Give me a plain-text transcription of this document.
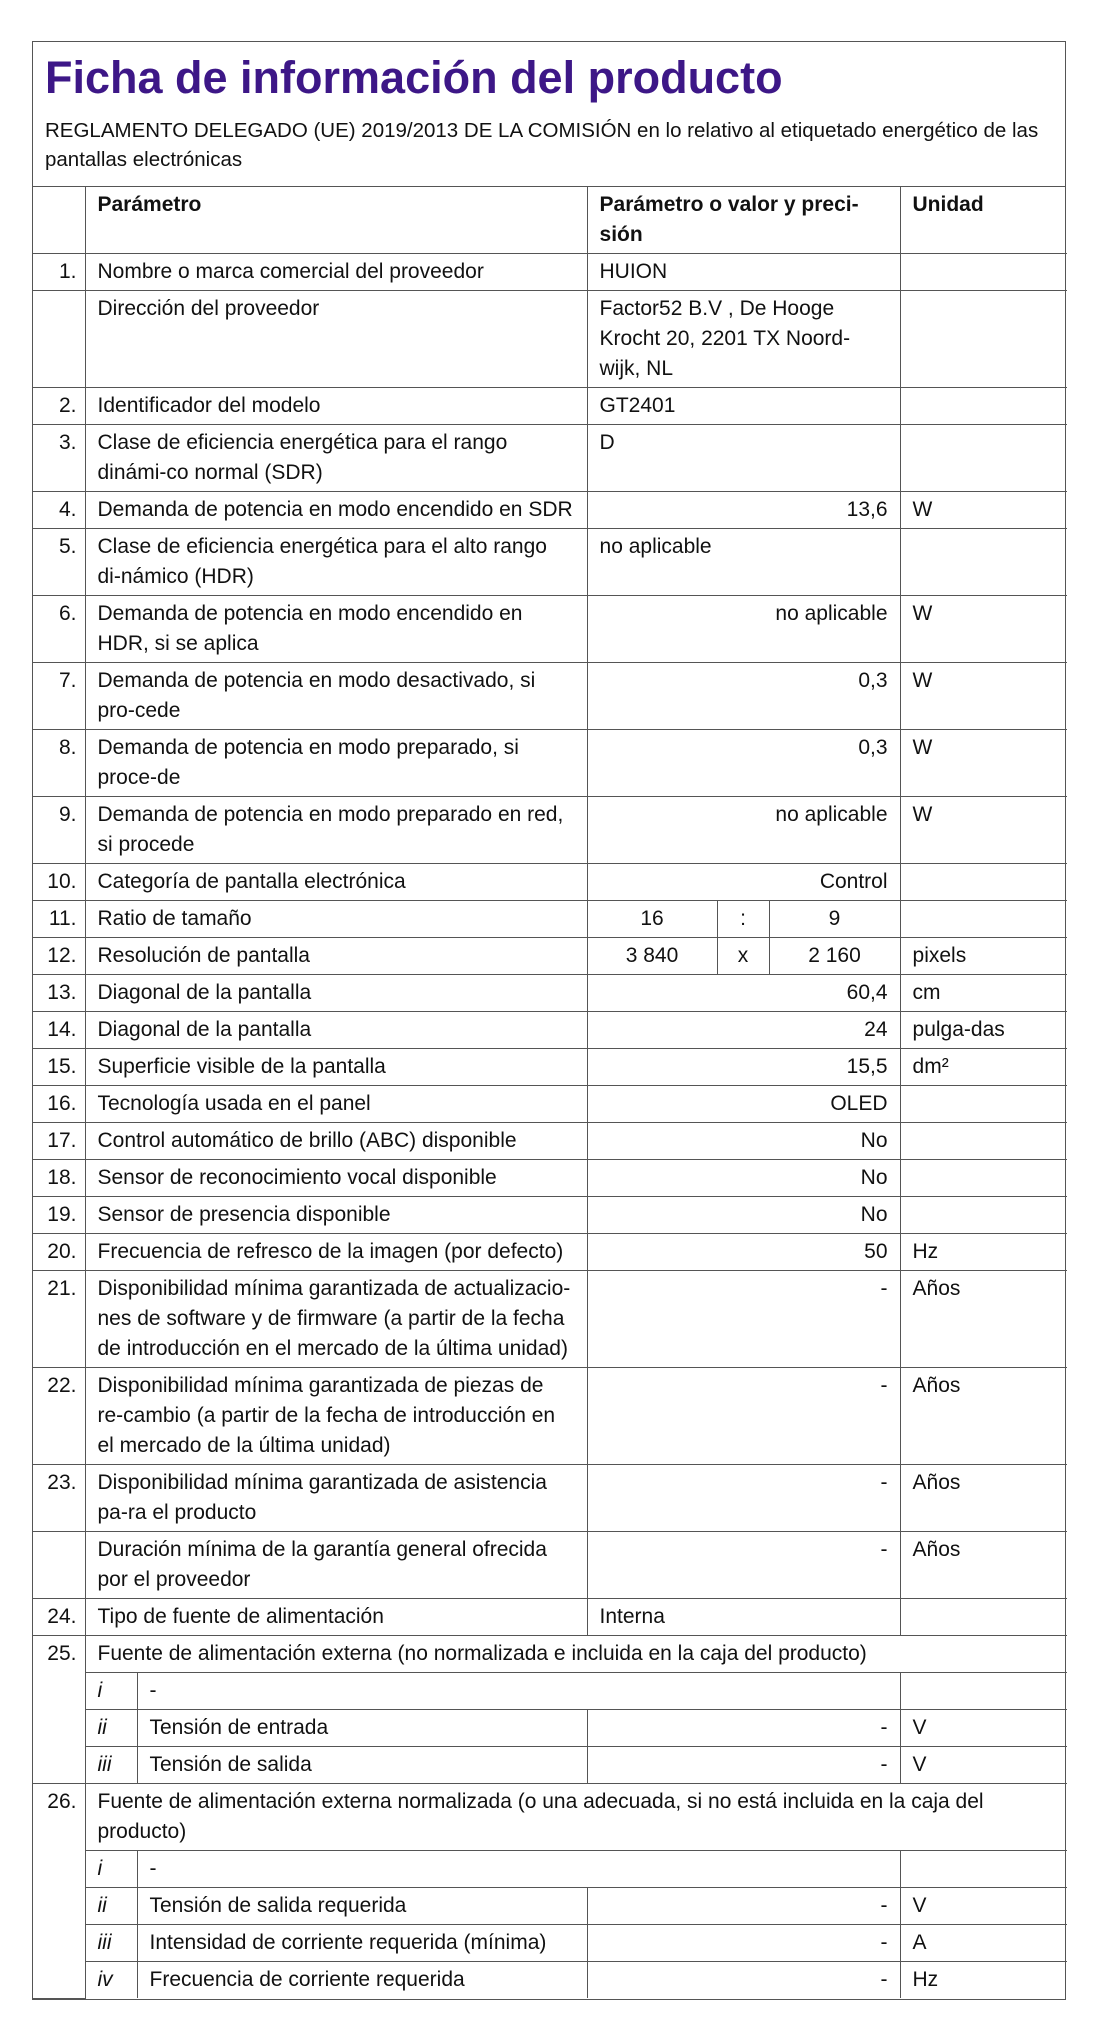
Ficha de información del producto
REGLAMENTO DELEGADO (UE) 2019/2013 DE LA COMISIÓN en lo relativo al etiquetado energético de las pantallas electrónicas
	Parámetro		Parámetro o valor y preci-sión			Unidad
1.	Nombre o marca comercial del proveedor		HUION			
	Dirección del proveedor		Factor52 B.V , De Hooge Krocht 20, 2201 TX Noord-wijk, NL			
2.	Identificador del modelo		GT2401			
3.	Clase de eficiencia energética para el rango dinámi-co normal (SDR)		D			
4.	Demanda de potencia en modo encendido en SDR		13,6			W
5.	Clase de eficiencia energética para el alto rango di-námico (HDR)		no aplicable			
6.	Demanda de potencia en modo encendido en HDR, si se aplica		no aplicable			W
7.	Demanda de potencia en modo desactivado, si pro-cede		0,3			W
8.	Demanda de potencia en modo preparado, si proce-de		0,3			W
9.	Demanda de potencia en modo preparado en red, si procede		no aplicable			W
10.	Categoría de pantalla electrónica		Control			
11.	Ratio de tamaño		16	:	9	
12.	Resolución de pantalla		3 840	x	2 160	pixels
13.	Diagonal de la pantalla		60,4			cm
14.	Diagonal de la pantalla		24			pulga-das
15.	Superficie visible de la pantalla		15,5			dm²
16.	Tecnología usada en el panel		OLED			
17.	Control automático de brillo (ABC) disponible		No			
18.	Sensor de reconocimiento vocal disponible		No			
19.	Sensor de presencia disponible		No			
20.	Frecuencia de refresco de la imagen (por defecto)		50			Hz
21.	Disponibilidad mínima garantizada de actualizacio-nes de software y de firmware (a partir de la fecha de introducción en el mercado de la última unidad)		-			Años
22.	Disponibilidad mínima garantizada de piezas de re-cambio (a partir de la fecha de introducción en el mercado de la última unidad)		-			Años
23.	Disponibilidad mínima garantizada de asistencia pa-ra el producto		-			Años
	Duración mínima de la garantía general ofrecida por el proveedor		-			Años
24.	Tipo de fuente de alimentación		Interna			
25.	Fuente de alimentación externa (no normalizada e incluida en la caja del producto)					
	i	-				
	ii	Tensión de entrada	-			V
	iii	Tensión de salida	-			V
26.	Fuente de alimentación externa normalizada (o una adecuada, si no está incluida en la caja del producto)					
	i	-				
	ii	Tensión de salida requerida	-			V
	iii	Intensidad de corriente requerida (mínima)	-			A
	iv	Frecuencia de corriente requerida	-			Hz
